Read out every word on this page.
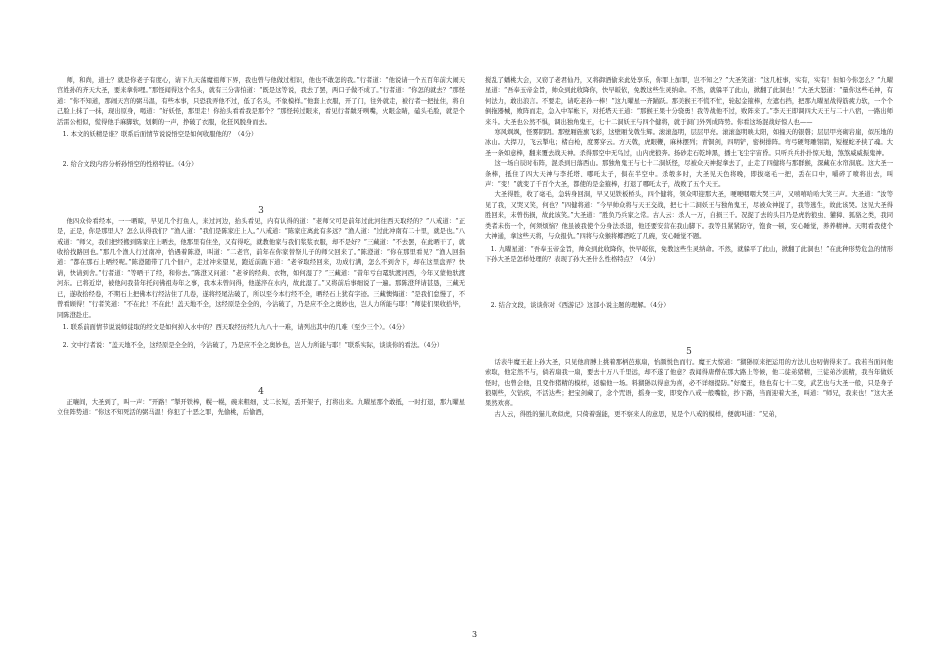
师，和尚，道士？就是你老子有度心，请下九天荡魔祖师下界，我也曾与他做过相识，他也不敢怎的我。”行者道：“他说请一个五百年前大闹天宫姓孙的齐天大圣，要来拿你哩。”那怪闻得这个名头，就有三分害怕道：“既是这等说，我去了罢，两口子做不成了。”行者道：“你怎的就去？”那怪道：“你不知道，那闹天宫的弼马温，有些本事，只恐我弄他不过，低了名头，不象模样。”他套上衣服，开了门，往外就走，被行者一把扯住，将自己脸上抹了一抹，现出原身，喝道：“好妖怪，那里走！你抬头看看我是那个？”那怪转过眼来，看见行者龇牙咧嘴，火眼金睛，磕头毛脸，就是个活雷公相似，慌得他手麻脚软，划刺的一声，挣破了衣服，化狂风脱身而去。

1. 本文的妖精是谁？联系后面情节说说悟空是如何收服他的？（4分）

2. 给合文段内容分析孙悟空的性格特征。（4分）

3

他四众伶看经本，一一晒晾，早见几个打鱼人，来过河边，抬头看见，内有认得的道：“老师父可是前年过此河往西天取经的？”八戒道：“正是，正是，你是那里人？怎么认得我们？”渔人道：“我们是陈家庄上人。”八戒道：“陈家庄离此有多远？”渔人道：“过此冲南有二十里，就是也。”八戒道：“师父，我们把经搬到陈家庄上晒去，他那里有住坐，又有得吃，就教他家与我们浆浆衣服，却不是好？”三藏道：“不去罢，在此晒干了，就收拾找路回也。”那几个渔人行过南冲，恰遇着陈澄，叫道：“二老官，前年在你家替祭儿子的师父回来了。”陈澄道：“你在那里看见？”渔人回指道：“都在那石上晒经呢。”陈澄随带了几个佃户，走过冲来望见，跑近前跪下道：“老爷取经回来，功成行满，怎么不到舍下，却在这里盘弄？快请，快请到舍。”行者道：“等晒干了经，和你去。”陈澄又问道：“老爷的经典、衣物，如何湿了？”三藏道：“昔年亏白鼋驮渡河西，今年又蒙他驮渡河东。已将近岸，被他问我昔年托问佛祖寿年之事，我本未曾问得，他遂淬在水内，故此湿了。”又将前后事细说了一遍。那陈澄拜请甚恳，三藏无已，遂收拾经卷，不期石上把佛本行经沾住了几卷，遂将经尾沾破了，所以至今本行经不全，晒经石上犹有字迹。三藏懊悔道：“是我们怠慢了，不曾看顾得！”行者笑道：“不在此！不在此！盖天地不全，这经原是全全的，今沾破了，乃是应不全之奥妙也，岂人力所能与耶！”师徒们果收拾毕，同陈澄赴庄。

1. 联系前面情节说说师徒取的经文是如何掉入水中的？西天取经历经九九八十一难，请列出其中的几难（至少三个）。（4分）

2. 文中行者说：“盖天地不全，这经原是全全的，今沾破了，乃是应不全之奥妙也，岂人力所能与耶！”联系实际，谈谈你的看法。（4分）

4

正嚷间，大圣到了，叫一声：“开路！”掣开铁棒，幌一幌，碗来粗细，丈二长短，丢开架子，打将出来。九曜星那个敢抵，一时打退，那九曜星立住阵势道：“你这不知死活的弼马温！你犯了十恶之罪，先偷桃，后偷酒，

搅乱了蟠桃大会，又窃了老君仙丹，又将御酒偷来此处享乐，你罪上加罪，岂不知之？”大圣笑道：“这几桩事，实有，实有！但如今你怎么？”九曜星道：“吾奉玉帝金旨，帅众到此收降你，快早皈依，免教这些生灵纳命。不然，就躲平了此山，掀翻了此洞也！”大圣大怒道：“量你这些毛神，有何法力，敢出浪言。不要走，请吃老孙一棒！”这九曜星一齐踊跃。那美猴王不慌不忙，轮起金箍棒，左遮右挡，把那九曜星战得筋疲力软，一个个倒拖器械，败阵而走，急入中军帐下，对托塔天王道：“那猴王果十分骁勇！我等战他不过，败阵来了。”李天王即调四大天王与二十八宿，一路出师来斗。大圣也公然不惧，调出独角鬼王，七十二洞妖王与四个健将，就于洞门外列成阵势。你看这场混战好惊人也——

寒风飒飒，怪雾阴阴。那壁厢旌旗飞彩，这壁厢戈戟生辉。滚滚盔明，层层甲亮。滚滚盔明映太阳，如撞天的银磬；层层甲亮砌岩崖，似压地的冰山。大捍刀，飞云掣电；楮白枪，度雾穿云。方天戟，虎眼鞭，麻林摆列；青铜剑，四明铲，密树排阵。弯弓硬弩雕翎箭，短棍蛇矛挟了魂。大圣一条如意棒，翻来覆去战天神。杀得那空中无鸟过，山内虎狼奔。扬砂走石乾坤黑，播土飞尘宇宙昏。只听兵兵扑扑惊天地，煞煞威威振鬼神。

这一场自辰时布阵，混杀到日落西山。那独角鬼王与七十二洞妖怪，尽被众天神捉拿去了，止走了四健将与那群猴，深藏在水帘洞底。这大圣一条棒，抵住了四大天神与李托塔、哪吒太子，俱在半空中。杀彀多时，大圣见天色将晚，即拔毫毛一把，丢在口中，嚼碎了喷将出去，叫声：“变！”就变了千百个大圣，都使的是金箍棒，打退了哪吒太子，战败了五个天王。

大圣得胜，收了毫毛，急转身回洞，早又见铁板桥头，四个健将，领众叩迎那大圣，哽哽咽咽大哭三声，又嘻嘻哈哈大笑三声。大圣道：“汝等见了我，又哭又笑，何也？”四健将道：“今早帅众将与天王交战，把七十二洞妖王与独角鬼王，尽被众神捉了，我等逃生，故此该哭。这见大圣得胜回来，未曾伤损，故此该笑。”大圣道：“胜负乃兵家之常。古人云：杀人一万，自损三千。况捉了去的头目乃是虎豹狼虫、獾獐、狐貉之类，我同类者未伤一个，何须烦恼？他虽被我使个分身法杀退，他还要安营在我山脚下。我等且紧紧防守，饱食一顿，安心睡觉，养养精神。天明看我使个大神通，拿这些天将，与众报仇。”四将与众猴将椰酒吃了几碗，安心睡觉不题。

1. 九曜星道：“吾奉玉帝金旨，帅众到此收降你，快早皈依，免教这些生灵纳命。不然，就躲平了此山，掀翻了此洞也！”在此种形势危急的情形下孙大圣是怎样处理的？表现了孙大圣什么性格特点？（4分）

2. 结合文段，谈谈你对《西游记》这部小说主题的理解。（4分）

5

话表牛魔王赶上孙大圣，只见他肩膊上挑着那柄芭蕉扇，怡颜悦色而行。魔王大惊道：“猢狲原来把运用的方法儿也叨倩得来了。我若当面问他索取，他定然不与，倘若扇我一扇，要去十万八千里远，却不遂了他意？我闻得唐僧在那大路上等候，他二徒弟猪精，三徒弟沙流精，我当年做妖怪时，也曾会他，且变作猪精的模样，返骗他一场。料猢狲以得意为喜，必不详细提防。”好魔王，他也有七十二变，武艺也与大圣一般，只是身子狼剔些，欠钻疾，不活达些；把宝剑藏了，念个咒语，摇身一变，即变作八戒一般嘴脸，抄下路，当面迎着大圣，叫道：“师兄，我来也！”这大圣果然欢喜。

古人云，得胜的猫儿欢似虎，只倚着强能，更不察来人的意思，见是个八戒的模样，便就叫道：“兄弟，

3
